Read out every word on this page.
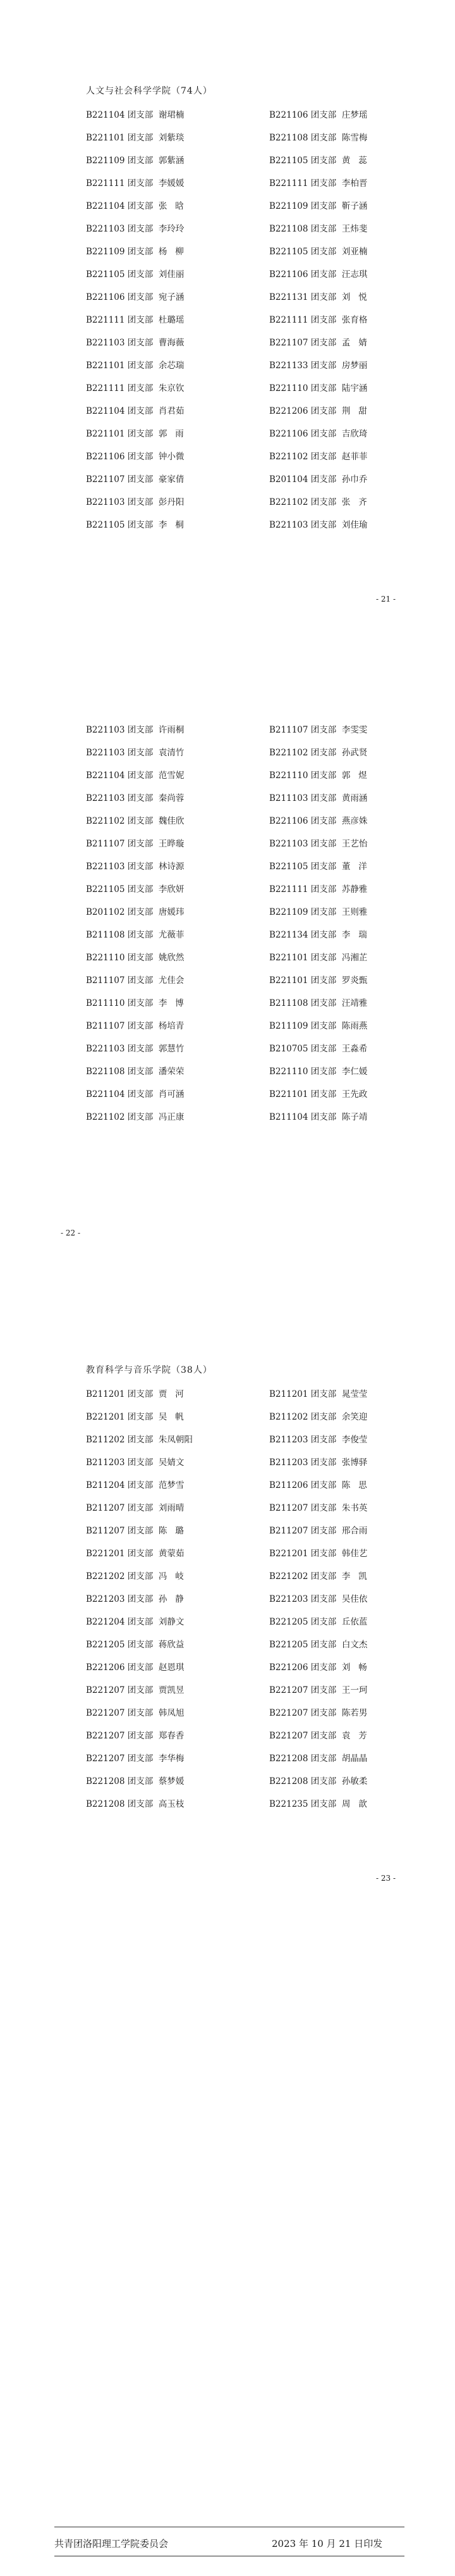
人文与社会科学学院（74人）
B221104 团支部  谢珺楠	B221106 团支部  庄梦瑶
B221101 团支部  刘紫琰	B221108 团支部  陈雪梅
B221109 团支部  郭紫涵	B221105 团支部  黄   蕊
B221111 团支部  李媛媛	B221111 团支部  李柏晋
B221104 团支部  张   晗	B221109 团支部  靳子涵
B221103 团支部  李玲玲	B221108 团支部  王炜斐
B221109 团支部  杨   柳	B221105 团支部  刘亚楠
B221105 团支部  刘佳丽	B221106 团支部  汪志琪
B221106 团支部  宛子涵	B221131 团支部  刘   悦
B221111 团支部  杜璐瑶	B221111 团支部  张育格
B221103 团支部  曹海薇	B221107 团支部  孟   婧
B221101 团支部  余芯瑞	B221133 团支部  房梦丽
B221111 团支部  朱京钦	B221110 团支部  陆宇涵
B221104 团支部  肖君茹	B221206 团支部  荆   甜
B221101 团支部  郭   雨	B221106 团支部  吉欣琦
B221106 团支部  钟小微	B221102 团支部  赵菲菲
B221107 团支部  豪家倩	B201104 团支部  孙巾乔
B221103 团支部  彭丹阳	B221102 团支部  张   齐
B221105 团支部  李   桐	B221103 团支部  刘佳瑜
- 21 -
B221103 团支部  许雨桐	B211107 团支部  李雯雯
B221103 团支部  袁清竹	B221102 团支部  孙武贤
B221104 团支部  范雪妮	B221110 团支部  郭   煜
B221103 团支部  秦尚蓉	B211103 团支部  黄雨涵
B221102 团支部  魏佳欣	B221106 团支部  燕彦姝
B211107 团支部  王晔璇	B221103 团支部  王艺怡
B221103 团支部  林诗源	B221105 团支部  董   洋
B221105 团支部  李欣妍	B221111 团支部  苏静雅
B201102 团支部  唐媛玮	B221109 团支部  王则雅
B211108 团支部  尤薇菲	B221134 团支部  李   瑞
B221110 团支部  姚欣然	B221101 团支部  冯湘芷
B211107 团支部  尤佳会	B221101 团支部  罗炎甄
B211110 团支部  李   博	B211108 团支部  汪靖雅
B211107 团支部  杨培青	B211109 团支部  陈雨燕
B221103 团支部  郭慧竹	B210705 团支部  王淼希
B221108 团支部  潘荣荣	B221110 团支部  李仁媛
B221104 团支部  肖可涵	B221101 团支部  王先政
B221102 团支部  冯正康	B211104 团支部  陈子靖
- 22 -
教育科学与音乐学院（38人）
B211201 团支部  贾   河	B211201 团支部  晁莹莹
B221201 团支部  吴   帆	B211202 团支部  余笑迎
B211202 团支部  朱凤朝阳	B211203 团支部  李俊莹
B211203 团支部  吴婧文	B211203 团支部  张博驿
B211204 团支部  范梦雪	B211206 团支部  陈   思
B211207 团支部  刘雨晴	B211207 团支部  朱书英
B211207 团支部  陈   璐	B211207 团支部  邢合雨
B221201 团支部  黄蒙茹	B221201 团支部  韩佳艺
B221202 团支部  冯   岐	B221202 团支部  李   凯
B221203 团支部  孙   静	B221203 团支部  吴佳依
B221204 团支部  刘静文	B221205 团支部  丘依蓝
B221205 团支部  蒋欣益	B221205 团支部  白文杰
B221206 团支部  赵恩琪	B221206 团支部  刘   畅
B221207 团支部  贾凯昱	B221207 团支部  王一珂
B221207 团支部  韩凤旭	B221207 团支部  陈若男
B221207 团支部  郑春香	B221207 团支部  袁   芳
B221207 团支部  李华梅	B221208 团支部  胡晶晶
B221208 团支部  蔡梦媛	B221208 团支部  孙敏柔
B221208 团支部  高玉枝	B221235 团支部  周   歆
- 23 -
共青团洛阳理工学院委员会	2023 年 10 月 21 日印发
